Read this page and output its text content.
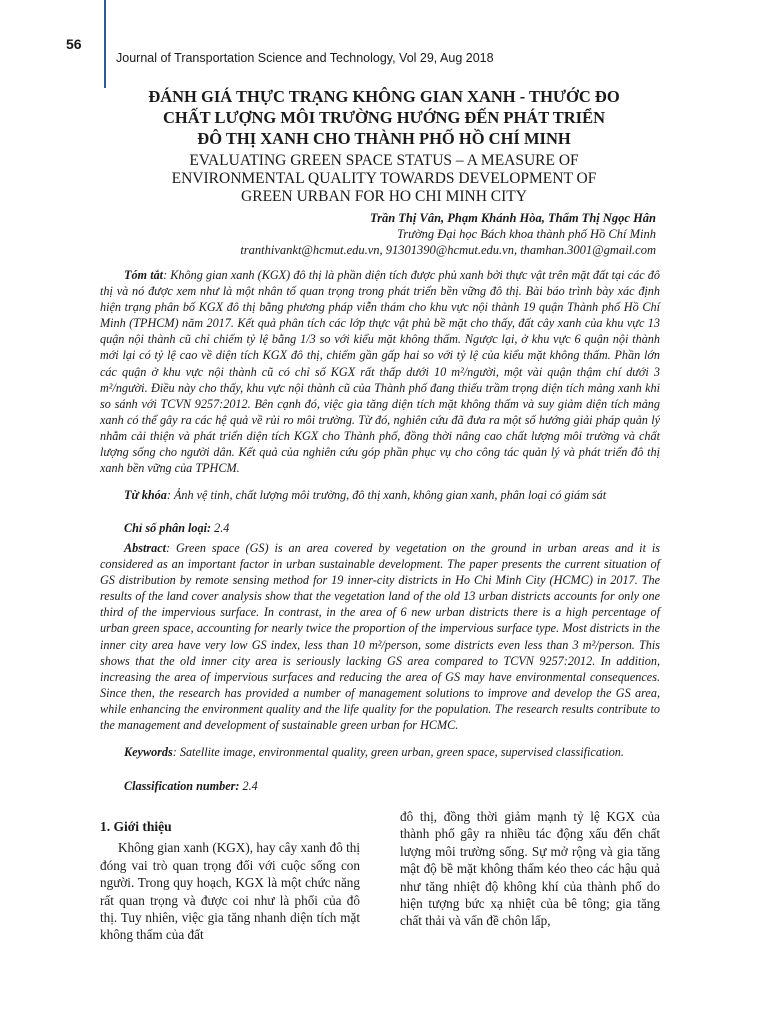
56
Journal of Transportation Science and Technology, Vol 29, Aug 2018
ĐÁNH GIÁ THỰC TRẠNG KHÔNG GIAN XANH - THƯỚC ĐO
CHẤT LƯỢNG MÔI TRƯỜNG HƯỚNG ĐẾN PHÁT TRIỂN
ĐÔ THỊ XANH CHO THÀNH PHỐ HỒ CHÍ MINH
EVALUATING GREEN SPACE STATUS – A MEASURE OF
ENVIRONMENTAL QUALITY TOWARDS DEVELOPMENT OF
GREEN URBAN FOR HO CHI MINH CITY
Trần Thị Vân, Phạm Khánh Hòa, Thẩm Thị Ngọc Hân
Trường Đại học Bách khoa thành phố Hồ Chí Minh
tranthivankt@hcmut.edu.vn, 91301390@hcmut.edu.vn, thamhan.3001@gmail.com
Tóm tắt: Không gian xanh (KGX) đô thị là phần diện tích được phủ xanh bởi thực vật trên mặt đất tại các đô thị và nó được xem như là một nhân tố quan trọng trong phát triển bền vững đô thị. Bài báo trình bày xác định hiện trạng phân bố KGX đô thị bằng phương pháp viễn thám cho khu vực nội thành 19 quận Thành phố Hồ Chí Minh (TPHCM) năm 2017. Kết quả phân tích các lớp thực vật phủ bề mặt cho thấy, đất cây xanh của khu vực 13 quận nội thành cũ chỉ chiếm tỷ lệ bằng 1/3 so với kiểu mặt không thấm. Ngược lại, ở khu vực 6 quận nội thành mới lại có tỷ lệ cao về diện tích KGX đô thị, chiếm gần gấp hai so với tỷ lệ của kiểu mặt không thấm. Phần lớn các quận ở khu vực nội thành cũ có chỉ số KGX rất thấp dưới 10 m²/người, một vài quận thậm chí dưới 3 m²/người. Điều này cho thấy, khu vực nội thành cũ của Thành phố đang thiếu trầm trọng diện tích mảng xanh khi so sánh với TCVN 9257:2012. Bên cạnh đó, việc gia tăng diện tích mặt không thấm và suy giảm diện tích mảng xanh có thể gây ra các hệ quả về rủi ro môi trường. Từ đó, nghiên cứu đã đưa ra một số hướng giải pháp quản lý nhằm cải thiện và phát triển diện tích KGX cho Thành phố, đồng thời nâng cao chất lượng môi trường và chất lượng sống cho người dân. Kết quả của nghiên cứu góp phần phục vụ cho công tác quản lý và phát triển đô thị xanh bền vững của TPHCM.
Từ khóa: Ảnh vệ tinh, chất lượng môi trường, đô thị xanh, không gian xanh, phân loại có giám sát
Chỉ số phân loại: 2.4
Abstract: Green space (GS) is an area covered by vegetation on the ground in urban areas and it is considered as an important factor in urban sustainable development. The paper presents the current situation of GS distribution by remote sensing method for 19 inner-city districts in Ho Chi Minh City (HCMC) in 2017. The results of the land cover analysis show that the vegetation land of the old 13 urban districts accounts for only one third of the impervious surface. In contrast, in the area of 6 new urban districts there is a high percentage of urban green space, accounting for nearly twice the proportion of the impervious surface type. Most districts in the inner city area have very low GS index, less than 10 m²/person, some districts even less than 3 m²/person. This shows that the old inner city area is seriously lacking GS area compared to TCVN 9257:2012. In addition, increasing the area of impervious surfaces and reducing the area of GS may have environmental consequences. Since then, the research has provided a number of management solutions to improve and develop the GS area, while enhancing the environment quality and the life quality for the population. The research results contribute to the management and development of sustainable green urban for HCMC.
Keywords: Satellite image, environmental quality, green urban, green space, supervised classification.
Classification number: 2.4
1. Giới thiệu
Không gian xanh (KGX), hay cây xanh đô thị đóng vai trò quan trọng đối với cuộc sống con người. Trong quy hoạch, KGX là một chức năng rất quan trọng và được coi như là phổi của đô thị. Tuy nhiên, việc gia tăng nhanh diện tích mặt không thấm của đất
đô thị, đồng thời giảm mạnh tỷ lệ KGX của thành phố gây ra nhiều tác động xấu đến chất lượng môi trường sống. Sự mở rộng và gia tăng mật độ bề mặt không thấm kéo theo các hậu quả như tăng nhiệt độ không khí của thành phố do hiện tượng bức xạ nhiệt của bê tông; gia tăng chất thải và vấn đề chôn lấp,
